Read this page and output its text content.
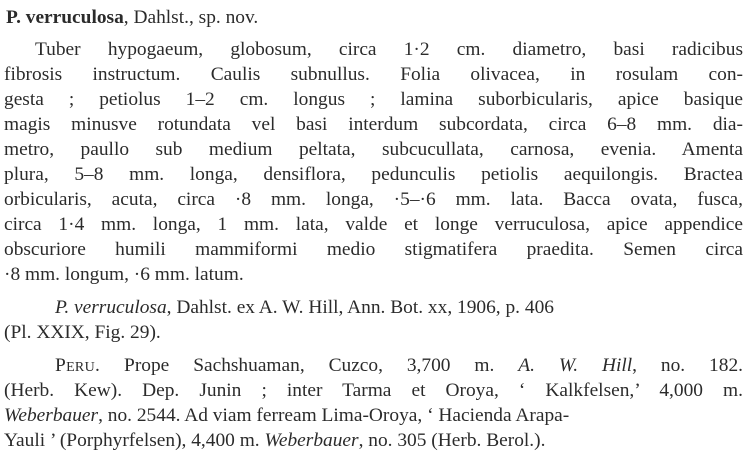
P. verruculosa, Dahlst., sp. nov.
Tuber hypogaeum, globosum, circa 1·2 cm. diametro, basi radicibus
fibrosis instructum. Caulis subnullus. Folia olivacea, in rosulam con-
gesta ; petiolus 1–2 cm. longus ; lamina suborbicularis, apice basique
magis minusve rotundata vel basi interdum subcordata, circa 6–8 mm. dia-
metro, paullo sub medium peltata, subcucullata, carnosa, evenia. Amenta
plura, 5–8 mm. longa, densiflora, pedunculis petiolis aequilongis. Bractea
orbicularis, acuta, circa ·8 mm. longa, ·5–·6 mm. lata. Bacca ovata, fusca,
circa 1·4 mm. longa, 1 mm. lata, valde et longe verruculosa, apice appendice
obscuriore humili mammiformi medio stigmatifera praedita. Semen circa
·8 mm. longum, ·6 mm. latum.
P. verruculosa, Dahlst. ex A. W. Hill, Ann. Bot. xx, 1906, p. 406
(Pl. XXIX, Fig. 29).
Peru. Prope Sachshuaman, Cuzco, 3,700 m. A. W. Hill, no. 182.
(Herb. Kew). Dep. Junin ; inter Tarma et Oroya, ‘ Kalkfelsen,’ 4,000 m.
Weberbauer, no. 2544. Ad viam ferream Lima-Oroya, ‘ Hacienda Arapa-
Yauli ’ (Porphyrfelsen), 4,400 m. Weberbauer, no. 305 (Herb. Berol.).
